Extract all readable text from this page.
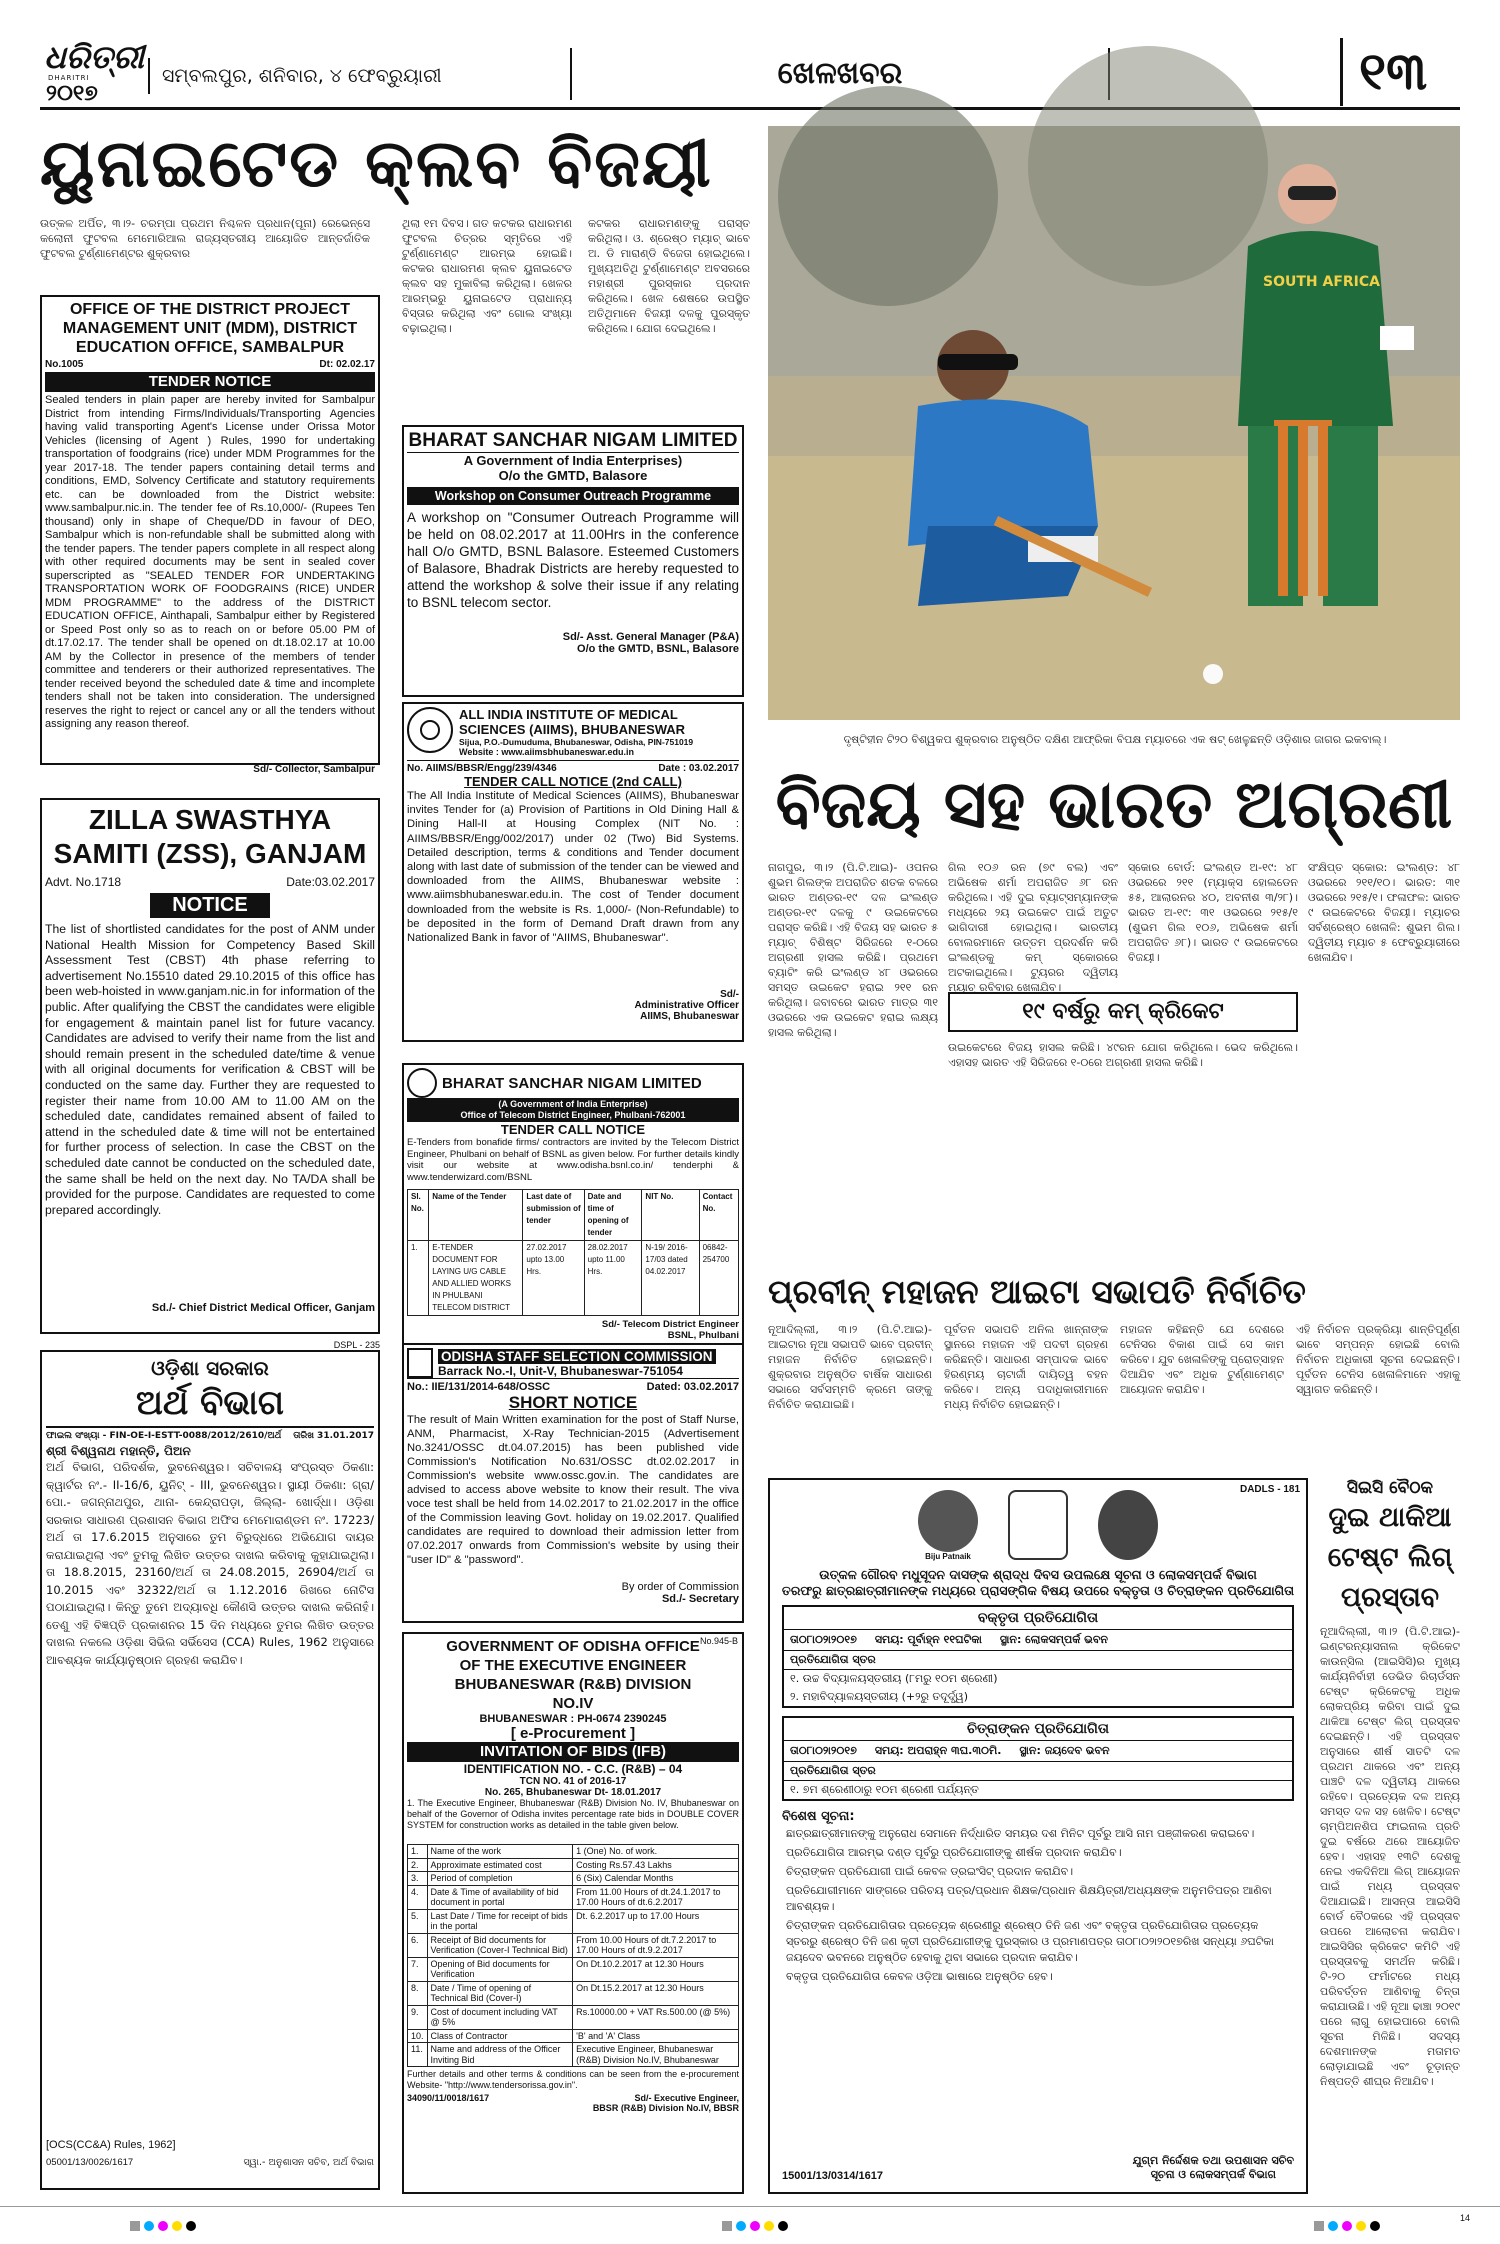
ଧରିତ୍ରୀ
DHARITRI
୨୦୧୭
ସମ୍ବଲପୁର, ଶନିବାର, ୪ ଫେବ୍ରୁୟାରୀ	ଖେଳଖବର	୧୩
ୟୁନାଇଟେଡ କ୍ଲବ ବିଜୟୀ
ଉତ୍କଳ ଅର୍ପିତ, ୩।୨- ଚରମ୍ପା ପ୍ରଥମ ନିଶ୍ଚଳନ ପ୍ରଧାନ(ପୂନା) ରେଭେନ୍ସେ କଲୋନୀ ଫୁଟବଲ ମେମୋରିଆଲ ରାଜ୍ୟସ୍ତରୀୟ ଆୟୋଜିତ ଆନ୍ତର୍ଜାତିକ ଫୁଟବଲ ଟୁର୍ଣ୍ଣାମେଣ୍ଟର ଶୁକ୍ରବାର
ଥିଲା ୧ମ ଦିବସ। ଗତ କଟକର ରାଧାରମଣ ଫୁଟବଲ ଚିତ୍ରର ସ୍ମୃତିରେ ଏହି ଟୁର୍ଣ୍ଣାମେଣ୍ଟ ଆରମ୍ଭ ହୋଇଛି। କଟକର ରାଧାରମଣ କ୍ଲବ ୟୁନାଇଟେଡ କ୍ଲବ ସହ ମୁକାବିଲା କରିଥିଲା। ଖେଳର ଆରମ୍ଭରୁ ୟୁନାଇଟେଡ ପ୍ରାଧାନ୍ୟ ବିସ୍ତାର କରିଥିଲା ଏବଂ ଗୋଲ ସଂଖ୍ୟା ବଢ଼ାଇଥିଲା।
କଟକର ରାଧାରମଣଙ୍କୁ ପରାସ୍ତ କରିଥିଲା। ଓ. ଶ୍ରେଷ୍ଠ ମ୍ୟାଚ୍ ଭାବେ ଅ. ଡି ମାରାଣ୍ଡି ବିଜେତା ହୋଇଥିଲେ। ମୁଖ୍ୟଅତିଥି ଟୁର୍ଣ୍ଣାମେଣ୍ଟ ଅବସରରେ ମହାଶ୍ରୀ ପୁରସ୍କାର ପ୍ରଦାନ କରିଥିଲେ। ଖେଳ ଶେଷରେ ଉପସ୍ଥିତ ଅତିଥିମାନେ ବିଜୟୀ ଦଳକୁ ପୁରସ୍କୃତ କରିଥିଲେ। ଯୋଗ ଦେଇଥିଲେ।
SOUTH AFRICA
ଦୃଷ୍ଟିହୀନ ଟି୨୦ ବିଶ୍ୱକପ ଶୁକ୍ରବାର ଅନୁଷ୍ଠିତ ଦକ୍ଷିଣ ଆଫ୍ରିକା ବିପକ୍ଷ ମ୍ୟାଚରେ ଏକ ଷଟ୍ ଖେଳୁଛନ୍ତି ଓଡ଼ିଶାର ଜାଗର ଇକବାଲ୍।
OFFICE OF THE DISTRICT PROJECT MANAGEMENT UNIT (MDM), DISTRICT EDUCATION OFFICE, SAMBALPUR
No.1005	Dt: 02.02.17
TENDER NOTICE
Sealed tenders in plain paper are hereby invited for Sambalpur District from intending Firms/Individuals/Transporting Agencies having valid transporting Agent's License under Orissa Motor Vehicles (licensing of Agent ) Rules, 1990 for undertaking transportation of foodgrains (rice) under MDM Programmes for the year 2017-18. The tender papers containing detail terms and conditions, EMD, Solvency Certificate and statutory requirements etc. can be downloaded from the District website: www.sambalpur.nic.in. The tender fee of Rs.10,000/- (Rupees Ten thousand) only in shape of Cheque/DD in favour of DEO, Sambalpur which is non-refundable shall be submitted along with the tender papers. The tender papers complete in all respect along with other required documents may be sent in sealed cover superscripted as "SEALED TENDER FOR UNDERTAKING TRANSPORTATION WORK OF FOODGRAINS (RICE) UNDER MDM PROGRAMME" to the address of the DISTRICT EDUCATION OFFICE, Ainthapali, Sambalpur either by Registered or Speed Post only so as to reach on or before 05.00 PM of dt.17.02.17. The tender shall be opened on dt.18.02.17 at 10.00 AM by the Collector in presence of the members of tender committee and tenderers or their authorized representatives. The tender received beyond the scheduled date & time and incomplete tenders shall not be taken into consideration. The undersigned reserves the right to reject or cancel any or all the tenders without assigning any reason thereof.
Sd/- Collector, Sambalpur
BHARAT SANCHAR NIGAM LIMITED
A Government of India Enterprises)
O/o the GMTD, Balasore
Workshop on Consumer Outreach Programme
A workshop on "Consumer Outreach Programme will be held on 08.02.2017 at 11.00Hrs in the conference hall O/o GMTD, BSNL Balasore. Esteemed Customers of Balasore, Bhadrak Districts are hereby requested to attend the workshop & solve their issue if any relating to BSNL telecom sector.
Sd/- Asst. General Manager (P&A)
O/o the GMTD, BSNL, Balasore
ALL INDIA INSTITUTE OF MEDICAL SCIENCES (AIIMS), BHUBANESWAR
Sijua, P.O.-Dumuduma, Bhubaneswar, Odisha, PIN-751019
Website : www.aiimsbhubaneswar.edu.in
No. AIIMS/BBSR/Engg/239/4346	Date : 03.02.2017
TENDER CALL NOTICE (2nd CALL)
The All India Institute of Medical Sciences (AIIMS), Bhubaneswar invites Tender for (a) Provision of Partitions in Old Dining Hall & Dining Hall-II at Housing Complex (NIT No. : AIIMS/BBSR/Engg/002/2017) under 02 (Two) Bid Systems. Detailed description, terms & conditions and Tender document along with last date of submission of the tender can be viewed and downloaded from the AIIMS, Bhubaneswar website : www.aiimsbhubaneswar.edu.in. The cost of Tender document downloaded from the website is Rs. 1,000/- (Non-Refundable) to be deposited in the form of Demand Draft drawn from any Nationalized Bank in favor of "AIIMS, Bhubaneswar".
Sd/-
Administrative Officer
AIIMS, Bhubaneswar
ZILLA SWASTHYA
SAMITI (ZSS), GANJAM
Advt. No.1718	Date:03.02.2017
NOTICE
The list of shortlisted candidates for the post of ANM under National Health Mission for Competency Based Skill Assessment Test (CBST) 4th phase referring to advertisement No.15510 dated 29.10.2015 of this office has been web-hoisted in www.ganjam.nic.in for information of the public. After qualifying the CBST the candidates were eligible for engagement & maintain panel list for future vacancy. Candidates are advised to verify their name from the list and should remain present in the scheduled date/time & venue with all original documents for verification & CBST will be conducted on the same day. Further they are requested to register their name from 10.00 AM to 11.00 AM on the scheduled date, candidates remained absent of failed to attend in the scheduled date & time will not be entertained for further process of selection. In case the CBST on the scheduled date cannot be conducted on the scheduled date, the same shall be held on the next day. No TA/DA shall be provided for the purpose. Candidates are requested to come prepared accordingly.
Sd./- Chief District Medical Officer, Ganjam
BHARAT SANCHAR NIGAM LIMITED
(A Government of India Enterprise)
Office of Telecom District Engineer, Phulbani-762001
TENDER CALL NOTICE
E-Tenders from bonafide firms/ contractors are invited by the Telecom District Engineer, Phulbani on behalf of BSNL as given below. For further details kindly visit our website at www.odisha.bsnl.co.in/ tenderphi & www.tenderwizard.com/BSNL
Sl. No.	Name of the Tender	Last date of submission of tender	Date and time of opening of tender	NIT No.	Contact No.
1.	E-TENDER DOCUMENT FOR LAYING U/G CABLE AND ALLIED WORKS IN PHULBANI TELECOM DISTRICT	27.02.2017 upto 13.00 Hrs.	28.02.2017 upto 11.00 Hrs.	N-19/ 2016-17/03 dated 04.02.2017	06842-254700
Sd/- Telecom District Engineer
BSNL, Phulbani
ODISHA STAFF SELECTION COMMISSION
Barrack No.-I, Unit-V, Bhubaneswar-751054
No.: IIE/131/2014-648/OSSC	Dated: 03.02.2017
SHORT NOTICE
The result of Main Written examination for the post of Staff Nurse, ANM, Pharmacist, X-Ray Technician-2015 (Advertisement No.3241/OSSC dt.04.07.2015) has been published vide Commission's Notification No.631/OSSC dt.02.02.2017 in Commission's website www.ossc.gov.in. The candidates are advised to access above website to know their result. The viva voce test shall be held from 14.02.2017 to 21.02.2017 in the office of the Commission leaving Govt. holiday on 19.02.2017. Qualified candidates are required to download their admission letter from 07.02.2017 onwards from Commission's website by using their "user ID" & "password".
By order of Commission
Sd./- Secretary
DSPL - 235
ଓଡ଼ିଶା ସରକାର
ଅର୍ଥ ବିଭାଗ
ଫାଇଲ ସଂଖ୍ୟା - FIN-OE-I-ESTT-0088/2012/2610/ଅର୍ଥ ତାରିଖ 31.01.2017
ଶ୍ରୀ ବିଶ୍ୱନାଥ ମହାନ୍ତି, ପିଅନ
ଅର୍ଥ ବିଭାଗ, ପରିଦର୍ଶକ, ଭୁବନେଶ୍ୱର। ସଚିବାଳୟ ସଂପ୍ରସ୍ତ ଠିକଣା: କ୍ୱାର୍ଟର ନଂ.- II-16/6, ୟୁନିଟ୍ - III, ଭୁବନେଶ୍ୱର। ସ୍ଥାୟୀ ଠିକଣା: ଗ୍ରା/ପୋ.- ଜଗନ୍ନାଥପୁର, ଥାନା- କେନ୍ଦ୍ରାପଡ଼ା, ଜିଲ୍ଲା- ଖୋର୍ଦ୍ଧା। ଓଡ଼ିଶା ସରକାର ସାଧାରଣ ପ୍ରଶାସନ ବିଭାଗ ଅଫିସ ମେମୋରାଣ୍ଡମ ନଂ. 17223/ ଅର୍ଥ ତା 17.6.2015 ଅନୁସାରେ ତୁମ ବିରୁଦ୍ଧରେ ଅଭିଯୋଗ ଦାୟର କରାଯାଇଥିଲା ଏବଂ ତୁମକୁ ଲିଖିତ ଉତ୍ତର ଦାଖଲ କରିବାକୁ କୁହାଯାଇଥିଲା। ତା 18.8.2015, 23160/ଅର୍ଥ ତା 24.08.2015, 26904/ଅର୍ଥ ତା 10.2015 ଏବଂ 32322/ଅର୍ଥ ତା 1.12.2016 ରିଖରେ ନୋଟିସ ପଠାଯାଇଥିଲା। କିନ୍ତୁ ତୁମେ ଅଦ୍ୟାବଧି କୌଣସି ଉତ୍ତର ଦାଖଲ କରିନାହଁ। ତେଣୁ ଏହି ବିଜ୍ଞପ୍ତି ପ୍ରକାଶନର 15 ଦିନ ମଧ୍ୟରେ ତୁମର ଲିଖିତ ଉତ୍ତର ଦାଖଲ ନକଲେ ଓଡ଼ିଶା ସିଭିଲ ସର୍ଭିସେସ (CCA) Rules, 1962 ଅନୁସାରେ ଆବଶ୍ୟକ କାର୍ଯ୍ୟାନୁଷ୍ଠାନ ଗ୍ରହଣ କରାଯିବ।
[OCS(CC&A) Rules, 1962]
05001/13/0026/1617	ସ୍ୱା.- ଅନୁଶାସନ ସଚିବ, ଅର୍ଥ ବିଭାଗ
No.945-B
GOVERNMENT OF ODISHA OFFICE OF THE EXECUTIVE ENGINEER BHUBANESWAR (R&B) DIVISION NO.IV
BHUBANESWAR : PH-0674 2390245
[ e-Procurement ]
INVITATION OF BIDS (IFB)
IDENTIFICATION NO. - C.C. (R&B) – 04
TCN NO. 41 of 2016-17
No. 265, Bhubaneswar Dt- 18.01.2017
1. The Executive Engineer, Bhubaneswar (R&B) Division No. IV, Bhubaneswar on behalf of the Governor of Odisha invites percentage rate bids in DOUBLE COVER SYSTEM for construction works as detailed in the table given below.
1.	Name of the work	1 (One) No. of work.
2.	Approximate estimated cost	Costing Rs.57.43 Lakhs
3.	Period of completion	6 (Six) Calendar Months
4.	Date & Time of availability of bid document in portal	From 11.00 Hours of dt.24.1.2017 to 17.00 Hours of dt.6.2.2017
5.	Last Date / Time for receipt of bids in the portal	Dt. 6.2.2017 up to 17.00 Hours
6.	Receipt of Bid documents for Verification (Cover-I Technical Bid)	From 10.00 Hours of dt.7.2.2017 to 17.00 Hours of dt.9.2.2017
7.	Opening of Bid documents for Verification	On Dt.10.2.2017 at 12.30 Hours
8.	Date / Time of opening of Technical Bid (Cover-I)	On Dt.15.2.2017 at 12.30 Hours
9.	Cost of document including VAT @ 5%	Rs.10000.00 + VAT Rs.500.00 (@ 5%)
10.	Class of Contractor	'B' and 'A' Class
11.	Name and address of the Officer Inviting Bid	Executive Engineer, Bhubaneswar (R&B) Division No.IV, Bhubaneswar
Further details and other terms & conditions can be seen from the e-procurement Website- "http://www.tendersorissa.gov.in".
34090/11/0018/1617	Sd/- Executive Engineer,
BBSR (R&B) Division No.IV, BBSR
ବିଜୟ ସହ ଭାରତ ଅଗ୍ରଣୀ
ନାଗପୁର, ୩।୨ (ପି.ଟି.ଆଇ)- ଓପନର ଶୁଭମ ଗିଲଙ୍କ ଅପରାଜିତ ଶତକ ବଳରେ ଭାରତ ଅଣ୍ଡର-୧୯ ଦଳ ଇଂଲଣ୍ଡ ଅଣ୍ଡର-୧୯ ଦଳକୁ ୯ ଉଇକେଟରେ ପରାସ୍ତ କରିଛି। ଏହି ବିଜୟ ସହ ଭାରତ ୫ ମ୍ୟାଚ୍ ବିଶିଷ୍ଟ ସିରିଜରେ ୧-୦ରେ ଅଗ୍ରଣୀ ହାସଲ କରିଛି। ପ୍ରଥମେ ବ୍ୟାଟିଂ କରି ଇଂଲଣ୍ଡ ୪୮ ଓଭରରେ ସମସ୍ତ ଉଇକେଟ ହରାଇ ୨୧୧ ରନ କରିଥିଲା। ଜବାବରେ ଭାରତ ମାତ୍ର ୩୧ ଓଭରରେ ଏକ ଉଇକେଟ ହରାଇ ଲକ୍ଷ୍ୟ ହାସଲ କରିଥିଲା।
ଗିଲ ୧୦୬ ରନ (୭୯ ବଲ) ଏବଂ ଅଭିଷେକ ଶର୍ମା ଅପରାଜିତ ୬୮ ରନ କରିଥିଲେ। ଏହି ଦୁଇ ବ୍ୟାଟ୍ସମ୍ୟାନଙ୍କ ମଧ୍ୟରେ ୨ୟ ଉଇକେଟ ପାଇଁ ଅତୁଟ ଭାଗିଦାରୀ ହୋଇଥିଲା। ଭାରତୀୟ ବୋଲରମାନେ ଉତ୍ତମ ପ୍ରଦର୍ଶନ କରି ଇଂଲଣ୍ଡକୁ କମ୍ ସ୍କୋରରେ ଅଟକାଇଥିଲେ। ଟ୍ୟୁରର ଦ୍ୱିତୀୟ ମ୍ୟାଚ୍ ରବିବାର ଖେଳାଯିବ।
ସ୍କୋର ବୋର୍ଡ: ଇଂଲଣ୍ଡ ଅ-୧୯: ୪୮ ଓଭରରେ ୨୧୧ (ମ୍ୟାକ୍ସ ହୋଲଡେନ ୫୫, ଆଲାରନର ୪୦, ଅବନୀଶ ୩/୨୮)। ଭାରତ ଅ-୧୯: ୩୧ ଓଭରରେ ୨୧୫/୧ (ଶୁଭମ ଗିଲ ୧୦୬, ଅଭିଷେକ ଶର୍ମା ଅପରାଜିତ ୬୮)। ଭାରତ ୯ ଉଇକେଟରେ ବିଜୟୀ।
୧୯ ବର୍ଷରୁ କମ୍ କ୍ରିକେଟ
ଉଇକେଟରେ ବିଜୟ ହାସଲ କରିଛି। ୪୯ରନ ଯୋଗ କରିଥିଲେ। ଭେଦ କରିଥିଲେ। ଏହାସହ ଭାରତ ଏହି ସିରିଜରେ ୧-୦ରେ ଅଗ୍ରଣୀ ହାସଲ କରିଛି।
ସଂକ୍ଷିପ୍ତ ସ୍କୋର: ଇଂଲଣ୍ଡ: ୪୮ ଓଭରରେ ୨୧୧/୧୦। ଭାରତ: ୩୧ ଓଭରରେ ୨୧୫/୧। ଫଳାଫଳ: ଭାରତ ୯ ଉଇକେଟରେ ବିଜୟୀ। ମ୍ୟାଚର ସର୍ବଶ୍ରେଷ୍ଠ ଖେଳାଳି: ଶୁଭମ ଗିଲ। ଦ୍ୱିତୀୟ ମ୍ୟାଚ ୫ ଫେବ୍ରୁୟାରୀରେ ଖେଳାଯିବ।
ପ୍ରବୀନ୍ ମହାଜନ ଆଇଟା ସଭାପତି ନିର୍ବାଚିତ
ନୂଆଦିଲ୍ଲୀ, ୩।୨ (ପି.ଟି.ଆଇ)- ଆଇଟାର ନୂଆ ସଭାପତି ଭାବେ ପ୍ରବୀନ୍ ମହାଜନ ନିର୍ବାଚିତ ହୋଇଛନ୍ତି। ଶୁକ୍ରବାର ଅନୁଷ୍ଠିତ ବାର୍ଷିକ ସାଧାରଣ ସଭାରେ ସର୍ବସମ୍ମତି କ୍ରମେ ତାଙ୍କୁ ନିର୍ବାଚିତ କରାଯାଇଛି।
ପୂର୍ବତନ ସଭାପତି ଅନିଲ ଖାନ୍ନାଙ୍କ ସ୍ଥାନରେ ମହାଜନ ଏହି ପଦବୀ ଗ୍ରହଣ କରିଛନ୍ତି। ସାଧାରଣ ସମ୍ପାଦକ ଭାବେ ହିରଣ୍ମୟ ଚାଟାର୍ଜୀ ଦାୟିତ୍ୱ ବହନ କରିବେ। ଅନ୍ୟ ପଦାଧିକାରୀମାନେ ମଧ୍ୟ ନିର୍ବାଚିତ ହୋଇଛନ୍ତି।
ମହାଜନ କହିଛନ୍ତି ଯେ ଦେଶରେ ଟେନିସର ବିକାଶ ପାଇଁ ସେ କାମ କରିବେ। ଯୁବ ଖେଳାଳିଙ୍କୁ ପ୍ରୋତ୍ସାହନ ଦିଆଯିବ ଏବଂ ଅଧିକ ଟୁର୍ଣ୍ଣାମେଣ୍ଟ ଆୟୋଜନ କରାଯିବ।
ଏହି ନିର୍ବାଚନ ପ୍ରକ୍ରିୟା ଶାନ୍ତିପୂର୍ଣ୍ଣ ଭାବେ ସମ୍ପନ୍ନ ହୋଇଛି ବୋଲି ନିର୍ବାଚନ ଅଧିକାରୀ ସୂଚନା ଦେଇଛନ୍ତି। ପୂର୍ବତନ ଟେନିସ ଖେଳାଳିମାନେ ଏହାକୁ ସ୍ୱାଗତ କରିଛନ୍ତି।
DADLS - 181
Biju Patnaik
ଉତ୍କଳ ଗୌରବ ମଧୁସୂଦନ ଦାସଙ୍କ ଶ୍ରାଦ୍ଧ ଦିବସ ଉପଲକ୍ଷେ ସୂଚନା ଓ ଲୋକସମ୍ପର୍କ ବିଭାଗ
ତରଫରୁ ଛାତ୍ରଛାତ୍ରୀମାନଙ୍କ ମଧ୍ୟରେ ପ୍ରାସଙ୍ଗିକ ବିଷୟ ଉପରେ ବକ୍ତୃତା ଓ ଚିତ୍ରାଙ୍କନ ପ୍ରତିଯୋଗିତା
ବକ୍ତୃତା ପ୍ରତିଯୋଗିତା
ତା୦୮ା୦୨ା୨୦୧୭ ସମୟ: ପୂର୍ବାହ୍ନ ୧୧ଘଟିକା ସ୍ଥାନ: ଲୋକସମ୍ପର୍କ ଭବନ
ପ୍ରତିଯୋଗିତା ସ୍ତର
୧. ଉଚ୍ଚ ବିଦ୍ୟାଳୟସ୍ତରୀୟ (୮ମରୁ ୧୦ମ ଶ୍ରେଣୀ)
୨. ମହାବିଦ୍ୟାଳୟସ୍ତରୀୟ (+୨ରୁ ତଦୂର୍ଦ୍ଧ୍ୱ)
ଚିତ୍ରାଙ୍କନ ପ୍ରତିଯୋଗିତା
ତା୦୮ା୦୨ା୨୦୧୭ ସମୟ: ଅପରାହ୍ନ ୩ଘ.୩୦ମି. ସ୍ଥାନ: ଜୟଦେବ ଭବନ
ପ୍ରତିଯୋଗିତା ସ୍ତର
୧. ୭ମ ଶ୍ରେଣୀଠାରୁ ୧୦ମ ଶ୍ରେଣୀ ପର୍ଯ୍ୟନ୍ତ
ବିଶେଷ ସୂଚନା:
ଛାତ୍ରଛାତ୍ରୀମାନଙ୍କୁ ଅନୁରୋଧ ସେମାନେ ନିର୍ଦ୍ଧାରିତ ସମୟର ଦଶ ମିନିଟ ପୂର୍ବରୁ ଆସି ନାମ ପଞ୍ଜୀକରଣ କରାଇବେ।
ପ୍ରତିଯୋଗିତା ଆରମ୍ଭ ଦଣ୍ଡ ପୂର୍ବରୁ ପ୍ରତିଯୋଗୀଙ୍କୁ ଶୀର୍ଷକ ପ୍ରଦାନ କରାଯିବ।
ଚିତ୍ରାଙ୍କନ ପ୍ରତିଯୋଗୀ ପାଇଁ କେବଳ ଡ୍ରଇଂସିଟ୍ ପ୍ରଦାନ କରାଯିବ।
ପ୍ରତିଯୋଗୀମାନେ ସାଙ୍ଗରେ ପରିଚୟ ପତ୍ର/ପ୍ରଧାନ ଶିକ୍ଷକ/ପ୍ରଧାନ ଶିକ୍ଷୟିତ୍ରୀ/ଅଧ୍ୟକ୍ଷଙ୍କ ଅନୁମତିପତ୍ର ଆଣିବା ଆବଶ୍ୟକ।
ଚିତ୍ରାଙ୍କନ ପ୍ରତିଯୋଗିତାର ପ୍ରତ୍ୟେକ ଶ୍ରେଣୀରୁ ଶ୍ରେଷ୍ଠ ତିନି ଜଣ ଏବଂ ବକ୍ତୃତା ପ୍ରତିଯୋଗିତାର ପ୍ରତ୍ୟେକ ସ୍ତରରୁ ଶ୍ରେଷ୍ଠ ତିନି ଜଣ କୃତୀ ପ୍ରତିଯୋଗୀଙ୍କୁ ପୁରସ୍କାର ଓ ପ୍ରମାଣପତ୍ର ତା୦୮ା୦୨ା୨୦୧୭ରିଖ ସନ୍ଧ୍ୟା ୬ଘଟିକା ଜୟଦେବ ଭବନରେ ଅନୁଷ୍ଠିତ ହେବାକୁ ଥିବା ସଭାରେ ପ୍ରଦାନ କରାଯିବ।
ବକ୍ତୃତା ପ୍ରତିଯୋଗିତା କେବଳ ଓଡ଼ିଆ ଭାଷାରେ ଅନୁଷ୍ଠିତ ହେବ।
15001/13/0314/1617
ଯୁଗ୍ମ ନିର୍ଦ୍ଦେଶକ ତଥା ଉପଶାସନ ସଚିବ
ସୂଚନା ଓ ଲୋକସମ୍ପର୍କ ବିଭାଗ
ସିଇସି ବୈଠକ
ଦୁଇ ଥାକିଆ ଟେଷ୍ଟ ଲିଗ୍ ପ୍ରସ୍ତାବ
ନୂଆଦିଲ୍ଲୀ, ୩।୨ (ପି.ଟି.ଆଇ)- ଇଣ୍ଟରନ୍ୟାସନାଲ କ୍ରିକେଟ କାଉନ୍ସିଲ (ଆଇସିସି)ର ମୁଖ୍ୟ କାର୍ଯ୍ୟନିର୍ବାହୀ ଡେଭିଡ ରିଚାର୍ଡସନ ଟେଷ୍ଟ କ୍ରିକେଟକୁ ଅଧିକ ଲୋକପ୍ରିୟ କରିବା ପାଇଁ ଦୁଇ ଥାକିଆ ଟେଷ୍ଟ ଲିଗ୍ ପ୍ରସ୍ତାବ ଦେଇଛନ୍ତି। ଏହି ପ୍ରସ୍ତାବ ଅନୁସାରେ ଶୀର୍ଷ ସାତଟି ଦଳ ପ୍ରଥମ ଥାକରେ ଏବଂ ଅନ୍ୟ ପାଞ୍ଚଟି ଦଳ ଦ୍ୱିତୀୟ ଥାକରେ ରହିବେ। ପ୍ରତ୍ୟେକ ଦଳ ଅନ୍ୟ ସମସ୍ତ ଦଳ ସହ ଖେଳିବ। ଟେଷ୍ଟ ଚାମ୍ପିଅନଶିପ ଫାଇନାଲ ପ୍ରତି ଦୁଇ ବର୍ଷରେ ଥରେ ଆୟୋଜିତ ହେବ। ଏହାସହ ୧୩ଟି ଦେଶକୁ ନେଇ ଏକଦିନିଆ ଲିଗ୍ ଆୟୋଜନ ପାଇଁ ମଧ୍ୟ ପ୍ରସ୍ତାବ ଦିଆଯାଇଛି। ଆସନ୍ତା ଆଇସିସି ବୋର୍ଡ ବୈଠକରେ ଏହି ପ୍ରସ୍ତାବ ଉପରେ ଆଲୋଚନା କରାଯିବ। ଆଇସିସିର କ୍ରିକେଟ କମିଟି ଏହି ପ୍ରସ୍ତାବକୁ ସମର୍ଥନ କରିଛି। ଟି-୨୦ ଫର୍ମାଟରେ ମଧ୍ୟ ପରିବର୍ତ୍ତନ ଆଣିବାକୁ ଚିନ୍ତା କରାଯାଉଛି। ଏହି ନୂଆ ଢାଞ୍ଚା ୨୦୧୯ ପରେ ଲାଗୁ ହୋଇପାରେ ବୋଲି ସୂଚନା ମିଳିଛି। ସଦସ୍ୟ ଦେଶମାନଙ୍କ ମତାମତ ଲୋଡ଼ାଯାଇଛି ଏବଂ ଚୂଡ଼ାନ୍ତ ନିଷ୍ପତ୍ତି ଶୀଘ୍ର ନିଆଯିବ।
14
